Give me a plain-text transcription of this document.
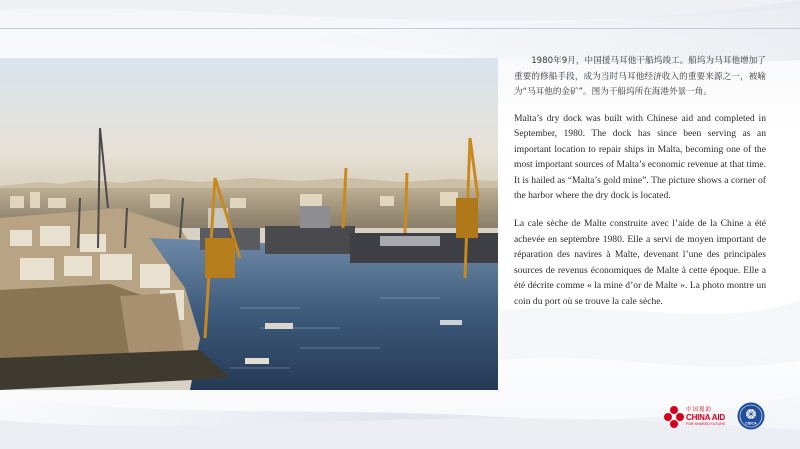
1980年9月，中国援马耳他干船坞竣工。船坞为马耳他增加了重要的修船手段，成为当时马耳他经济收入的重要来源之一，被喻为“马耳他的金矿”。图为干船坞所在海港外景一角。

Malta’s dry dock was built with Chinese aid and completed in September, 1980. The dock has since been serving as an important location to repair ships in Malta, becoming one of the most important sources of Malta’s economic revenue at that time. It is hailed as “Malta’s gold mine”. The picture shows a corner of the harbor where the dry dock is located.

La cale sèche de Malte construite avec l’aide de la Chine a été achevée en septembre 1980. Elle a servi de moyen important de réparation des navires à Malte, devenant l’une des principales sources de revenus économiques de Malte à cette époque. Elle a été décrite comme « la mine d’or de Malte ». La photo montre un coin du port où se trouve la cale sèche.

中国援助
CHINA AID
FOR SHARED FUTURE	CIDCA
